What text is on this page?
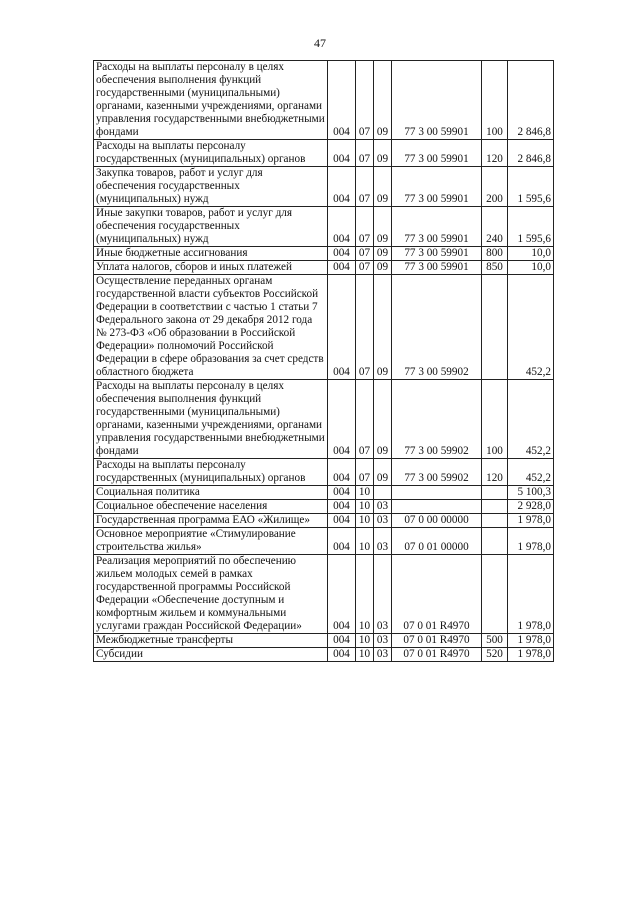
47
Расходы на выплаты персоналу в целях обеспечения выполнения функций государственными (муниципальными) органами, казенными учреждениями, органами управления государственными внебюджетными фондами	004	07	09	77 3 00 59901	100	2 846,8
Расходы на выплаты персоналу государственных (муниципальных) органов	004	07	09	77 3 00 59901	120	2 846,8
Закупка товаров, работ и услуг для обеспечения государственных (муниципальных) нужд	004	07	09	77 3 00 59901	200	1 595,6
Иные закупки товаров, работ и услуг для обеспечения государственных (муниципальных) нужд	004	07	09	77 3 00 59901	240	1 595,6
Иные бюджетные ассигнования	004	07	09	77 3 00 59901	800	10,0
Уплата налогов, сборов и иных платежей	004	07	09	77 3 00 59901	850	10,0
Осуществление переданных органам государственной власти субъектов Российской Федерации в соответствии с частью 1 статьи 7 Федерального закона от 29 декабря 2012 года № 273-ФЗ «Об образовании в Российской Федерации» полномочий Российской Федерации в сфере образования за счет средств областного бюджета	004	07	09	77 3 00 59902		452,2
Расходы на выплаты персоналу в целях обеспечения выполнения функций государственными (муниципальными) органами, казенными учреждениями, органами управления государственными внебюджетными фондами	004	07	09	77 3 00 59902	100	452,2
Расходы на выплаты персоналу государственных (муниципальных) органов	004	07	09	77 3 00 59902	120	452,2
Социальная политика	004	10				5 100,3
Социальное обеспечение населения	004	10	03			2 928,0
Государственная программа ЕАО «Жилище»	004	10	03	07 0 00 00000		1 978,0
Основное мероприятие «Стимулирование строительства жилья»	004	10	03	07 0 01 00000		1 978,0
Реализация мероприятий по обеспечению жильем молодых семей в рамках государственной программы Российской Федерации «Обеспечение доступным и комфортным жильем и коммунальными услугами граждан Российской Федерации»	004	10	03	07 0 01 R4970		1 978,0
Межбюджетные трансферты	004	10	03	07 0 01 R4970	500	1 978,0
Субсидии	004	10	03	07 0 01 R4970	520	1 978,0
